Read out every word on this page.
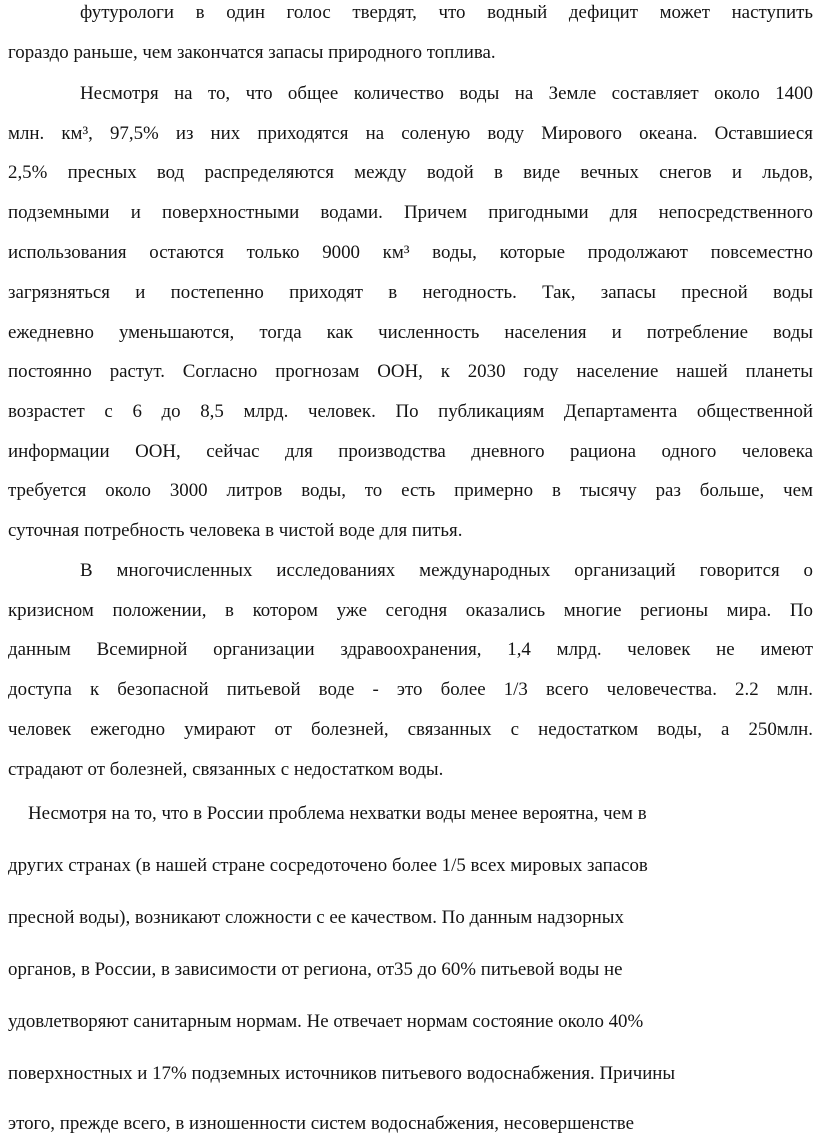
футурологи в один голос твердят, что водный дефицит может наступить

гораздо раньше, чем закончатся запасы природного топлива.

Несмотря на то, что общее количество воды на Земле составляет около 1400

млн. км³, 97,5% из них приходятся на соленую воду Мирового океана. Оставшиеся

2,5% пресных вод распределяются между водой в виде вечных снегов и льдов,

подземными и поверхностными водами. Причем пригодными для непосредственного

использования остаются только 9000 км³ воды, которые продолжают повсеместно

загрязняться и постепенно приходят в негодность. Так, запасы пресной воды

ежедневно уменьшаются, тогда как численность населения и потребление воды

постоянно растут. Согласно прогнозам ООН, к 2030 году население нашей планеты

возрастет с 6 до 8,5 млрд. человек. По публикациям Департамента общественной

информации ООН, сейчас для производства дневного рациона одного человека

требуется около 3000 литров воды, то есть примерно в тысячу раз больше, чем

суточная потребность человека в чистой воде для питья.

В многочисленных исследованиях международных организаций говорится о

кризисном положении, в котором уже сегодня оказались многие регионы мира. По

данным Всемирной организации здравоохранения, 1,4 млрд. человек не имеют

доступа к безопасной питьевой воде - это более 1/3 всего человечества. 2.2 млн.

человек ежегодно умирают от болезней, связанных с недостатком воды, а 250млн.

страдают от болезней, связанных с недостатком воды.

Несмотря на то, что в России проблема нехватки воды менее вероятна, чем в

других странах (в нашей стране сосредоточено более 1/5 всех мировых запасов

пресной воды), возникают сложности с ее качеством. По данным надзорных

органов, в России, в зависимости от региона, от35 до 60% питьевой воды не

удовлетворяют санитарным нормам. Не отвечает нормам состояние около 40%

поверхностных и 17% подземных источников питьевого водоснабжения. Причины

этого, прежде всего, в изношенности систем водоснабжения, несовершенстве
